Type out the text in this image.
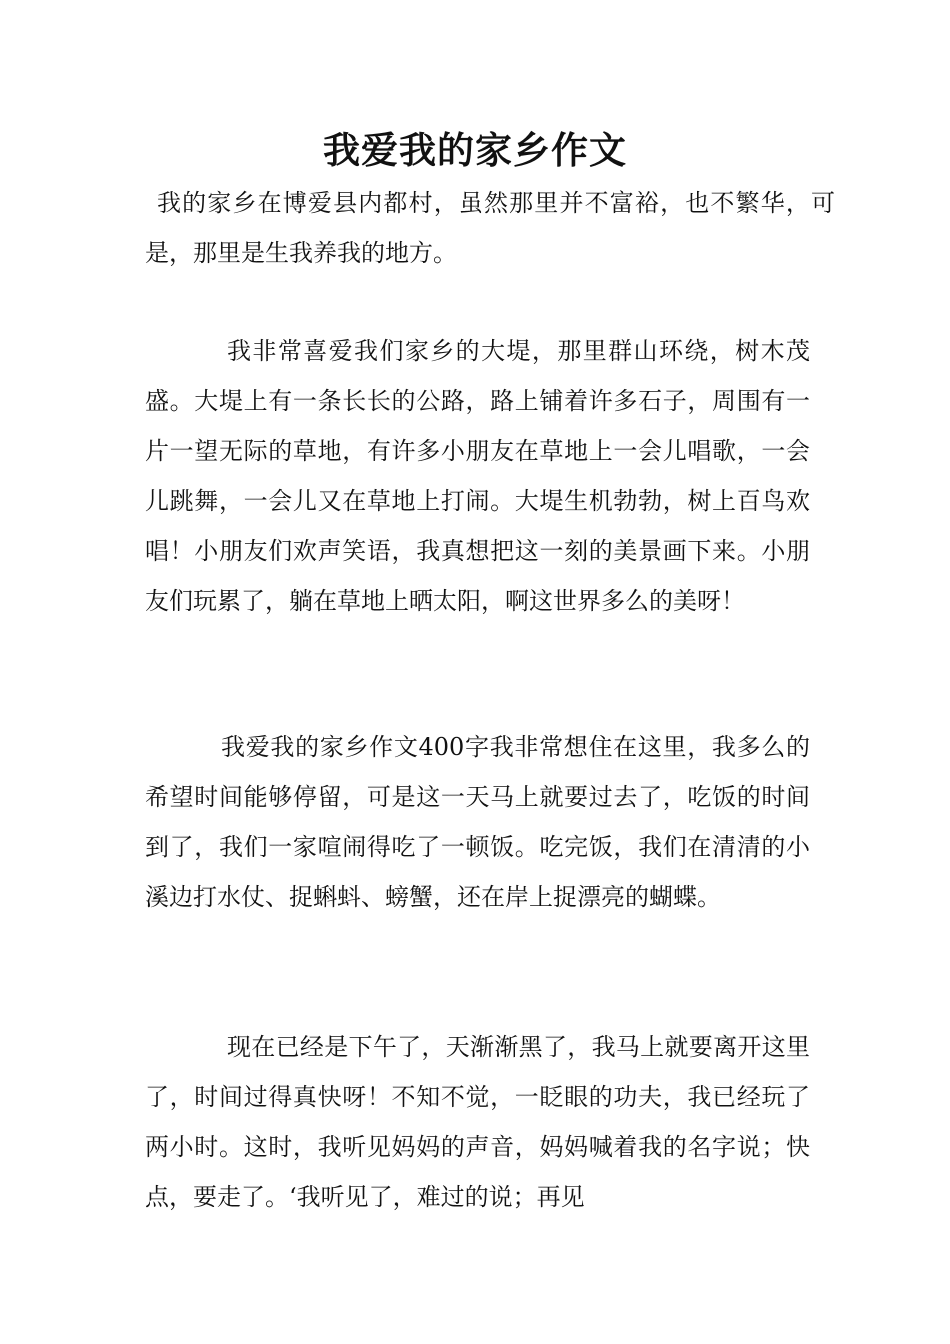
我爱我的家乡作文

我的家乡在博爱县内都村，虽然那里并不富裕，也不繁华，可是，那里是生我养我的地方。

我非常喜爱我们家乡的大堤，那里群山环绕，树木茂盛。大堤上有一条长长的公路，路上铺着许多石子，周围有一片一望无际的草地，有许多小朋友在草地上一会儿唱歌，一会儿跳舞，一会儿又在草地上打闹。大堤生机勃勃，树上百鸟欢唱！小朋友们欢声笑语，我真想把这一刻的美景画下来。小朋友们玩累了，躺在草地上晒太阳，啊这世界多么的美呀！

我爱我的家乡作文400字我非常想住在这里，我多么的希望时间能够停留，可是这一天马上就要过去了，吃饭的时间到了，我们一家喧闹得吃了一顿饭。吃完饭，我们在清清的小溪边打水仗、捉蝌蚪、螃蟹，还在岸上捉漂亮的蝴蝶。

现在已经是下午了，天渐渐黑了，我马上就要离开这里了，时间过得真快呀！不知不觉，一眨眼的功夫，我已经玩了两小时。这时，我听见妈妈的声音，妈妈喊着我的名字说；快点，要走了。‘我听见了，难过的说；再见
